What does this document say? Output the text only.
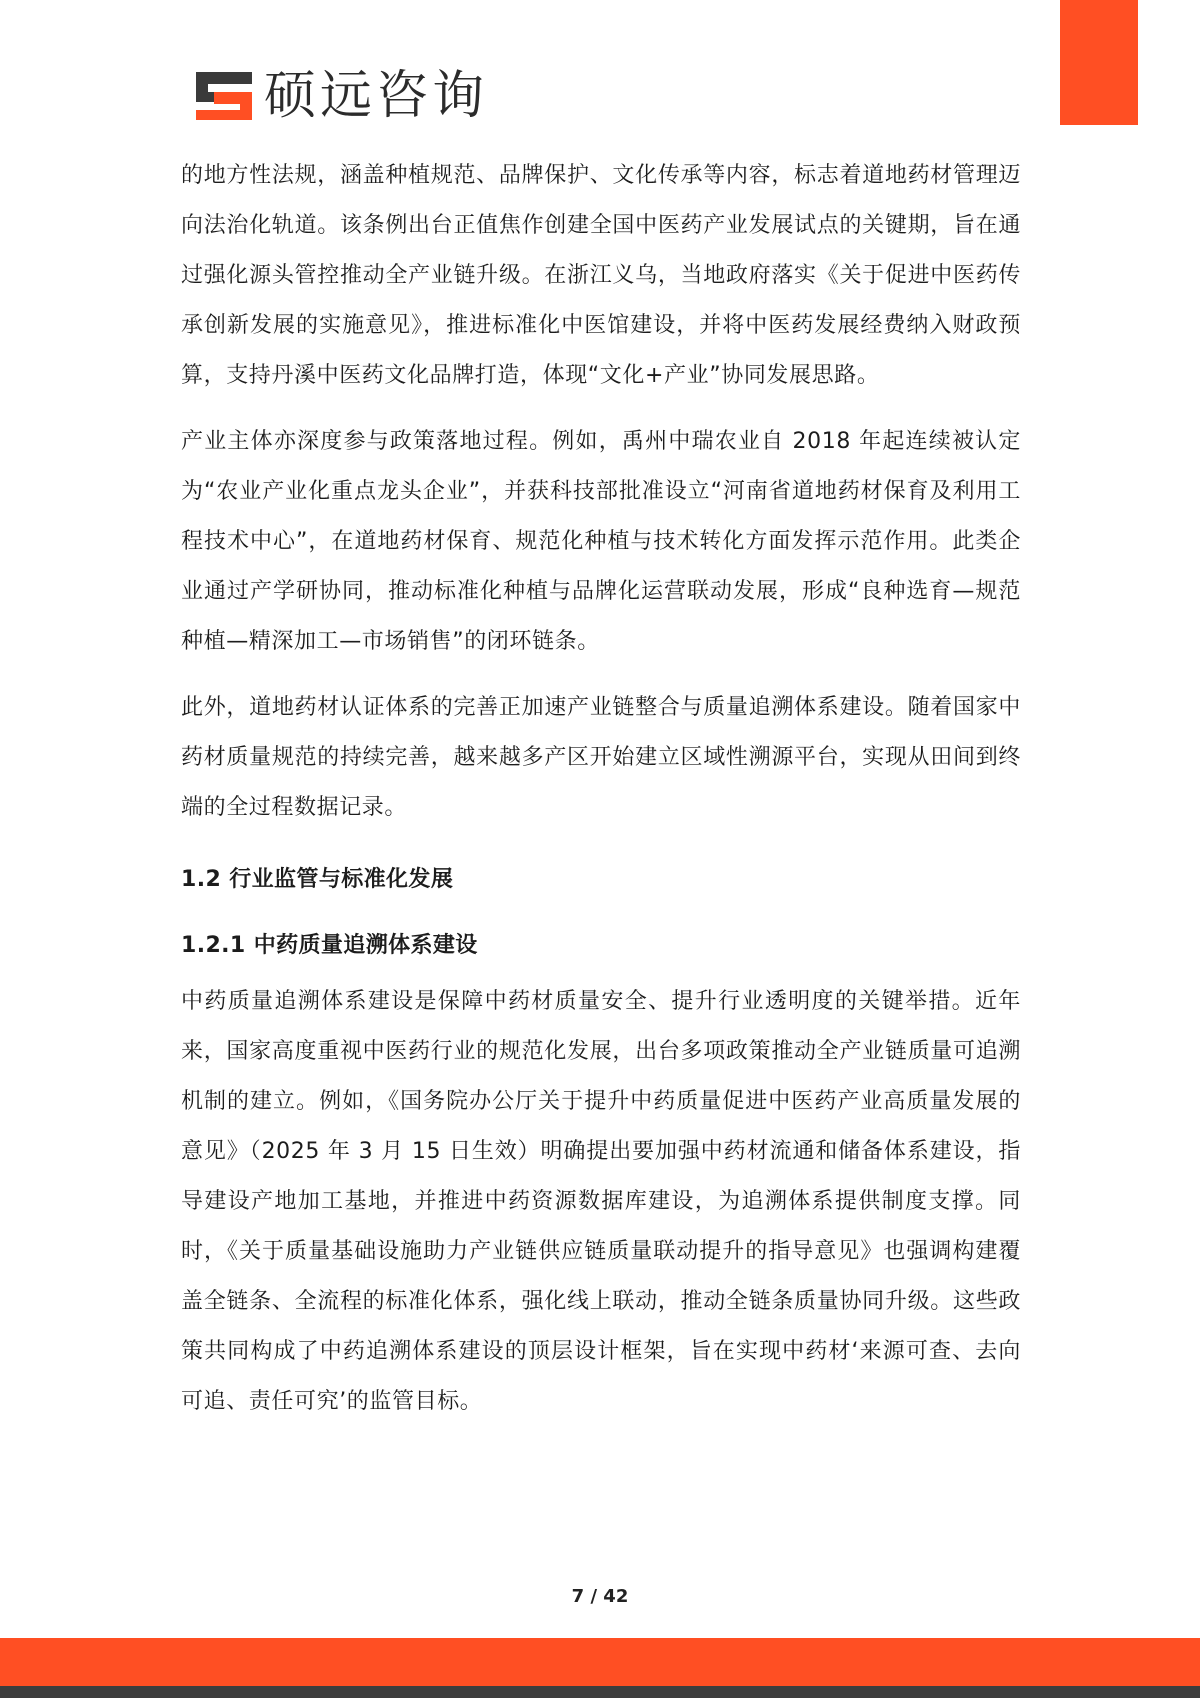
硕远咨询

的地方性法规，涵盖种植规范、品牌保护、文化传承等内容，标志着道地药材管理迈向法治化轨道。该条例出台正值焦作创建全国中医药产业发展试点的关键期，旨在通过强化源头管控推动全产业链升级。在浙江义乌，当地政府落实《关于促进中医药传承创新发展的实施意见》，推进标准化中医馆建设，并将中医药发展经费纳入财政预算，支持丹溪中医药文化品牌打造，体现“文化+产业”协同发展思路。

产业主体亦深度参与政策落地过程。例如，禹州中瑞农业自 2018 年起连续被认定为“农业产业化重点龙头企业”，并获科技部批准设立“河南省道地药材保育及利用工程技术中心”，在道地药材保育、规范化种植与技术转化方面发挥示范作用。此类企业通过产学研协同，推动标准化种植与品牌化运营联动发展，形成“良种选育—规范种植—精深加工—市场销售”的闭环链条。

此外，道地药材认证体系的完善正加速产业链整合与质量追溯体系建设。随着国家中药材质量规范的持续完善，越来越多产区开始建立区域性溯源平台，实现从田间到终端的全过程数据记录。

1.2 行业监管与标准化发展
1.2.1 中药质量追溯体系建设

中药质量追溯体系建设是保障中药材质量安全、提升行业透明度的关键举措。近年来，国家高度重视中医药行业的规范化发展，出台多项政策推动全产业链质量可追溯机制的建立。例如，《国务院办公厅关于提升中药质量促进中医药产业高质量发展的意见》（2025 年 3 月 15 日生效）明确提出要加强中药材流通和储备体系建设，指导建设产地加工基地，并推进中药资源数据库建设，为追溯体系提供制度支撑。同时，《关于质量基础设施助力产业链供应链质量联动提升的指导意见》也强调构建覆盖全链条、全流程的标准化体系，强化线上联动，推动全链条质量协同升级。这些政策共同构成了中药追溯体系建设的顶层设计框架，旨在实现中药材‘来源可查、去向可追、责任可究’的监管目标。

7 / 42
